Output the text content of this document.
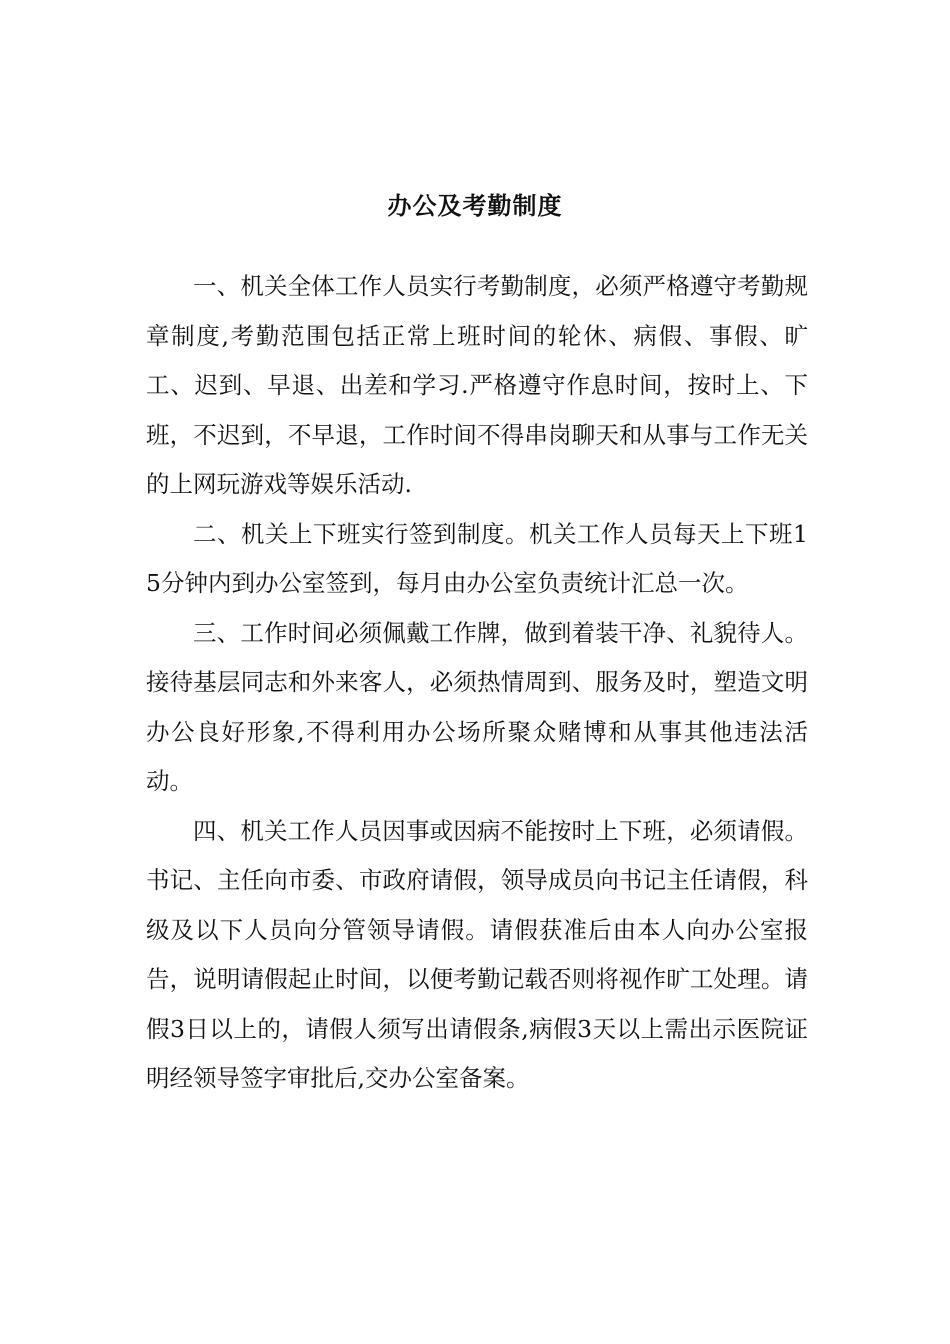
办公及考勤制度

一、机关全体工作人员实行考勤制度，必须严格遵守考勤规章制度,考勤范围包括正常上班时间的轮休、病假、事假、旷工、迟到、早退、出差和学习.严格遵守作息时间，按时上、下班，不迟到，不早退，工作时间不得串岗聊天和从事与工作无关的上网玩游戏等娱乐活动.

二、机关上下班实行签到制度。机关工作人员每天上下班15分钟内到办公室签到，每月由办公室负责统计汇总一次。

三、工作时间必须佩戴工作牌，做到着装干净、礼貌待人。接待基层同志和外来客人，必须热情周到、服务及时，塑造文明办公良好形象,不得利用办公场所聚众赌博和从事其他违法活动。

四、机关工作人员因事或因病不能按时上下班，必须请假。书记、主任向市委、市政府请假，领导成员向书记主任请假，科级及以下人员向分管领导请假。请假获准后由本人向办公室报告，说明请假起止时间，以便考勤记载否则将视作旷工处理。请假3日以上的，请假人须写出请假条,病假3天以上需出示医院证明经领导签字审批后,交办公室备案。
